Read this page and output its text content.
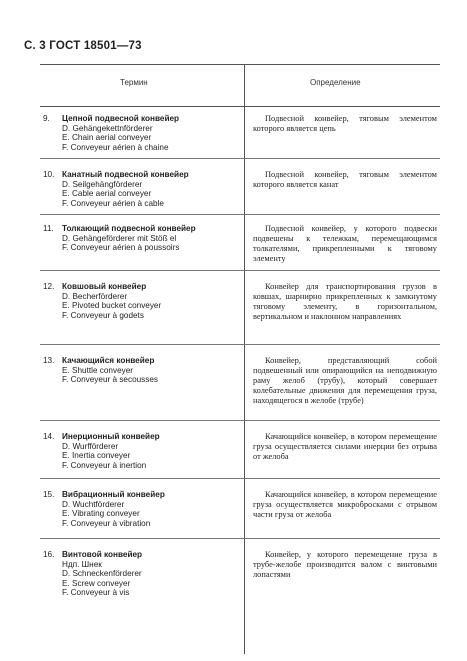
С. 3 ГОСТ 18501—73
Термин	Определение
9. Цепной подвесной конвейер
D. Gehängekettnförderer
E. Chain aerial conveyer
F. Conveyeur aérien à chaine
Подвесной конвейер, тяговым элементом которого является цепь
10. Канатный подвесной конвейер
D. Seilgehängförderer
E. Cable aerial conveyer
F. Conveyeur aérien à cable
Подвесной конвейер, тяговым элементом которого является канат
11. Толкающий подвесной конвейер
D. Gehängeförderer mit Stöß el
F. Conveyeur aérien à poussoirs
Подвесной конвейер, у которого подвески подвешены к тележкам, перемещающимся толкателями, прикрепленными к тяговому элементу
12. Ковшовый конвейер
D. Becherförderer
E. Pivoted bucket conveyer
F. Conveyeur à godets
Конвейер для транспортирования грузов в ковшах, шарнирно прикрепленных к замкнутому тяговому элементу, в горизонтальном, вертикальном и наклонном направлениях
13. Качающийся конвейер
E. Shuttle conveyer
F. Conveyeur à secousses
Конвейер, представляющий собой подвешенный или опирающийся на неподвижную раму желоб (трубу), который совершает колебательные движения для перемещения груза, находящегося в желобе (трубе)
14. Инерционный конвейер
D. Wurfförderer
E. Inertia conveyer
F. Conveyeur à inertion
Качающийся конвейер, в котором перемещение груза осуществляется силами инерции без отрыва от желоба
15. Вибрационный конвейер
D. Wuchtförderer
E. Vibrating conveyer
F. Conveyeur à vibration
Качающийся конвейер, в котором перемещение груза осуществляется микробросками с отрывом части груза от желоба
16. Винтовой конвейер
Ндп. Шнек
D. Schneckenförderer
E. Screw conveyer
F. Conveyeur à vis
Конвейер, у которого перемещение груза в трубе-желобе производится валом с винтовыми лопастями
